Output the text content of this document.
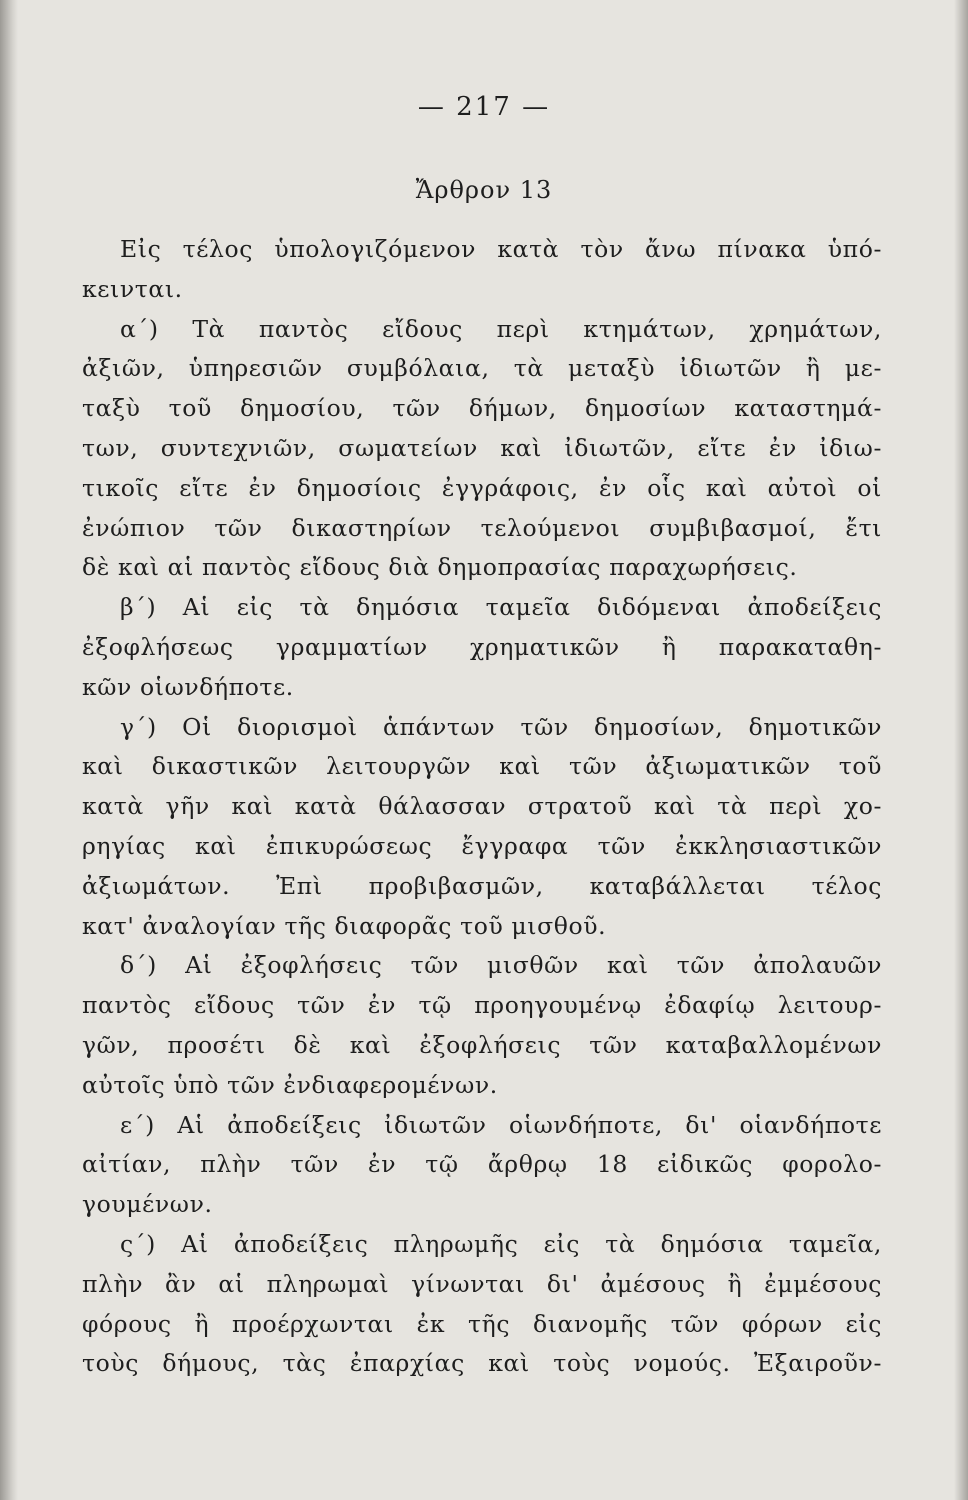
— 217 —
Ἄρθρον 13
Εἰς τέλος ὑπολογιζόμενον κατὰ τὸν ἄνω πίνακα ὑπό-
κεινται.
α΄) Τὰ παντὸς εἴδους περὶ κτημάτων, χρημάτων,
ἀξιῶν, ὑπηρεσιῶν συμβόλαια, τὰ μεταξὺ ἰδιωτῶν ἢ με-
ταξὺ τοῦ δημοσίου, τῶν δήμων, δημοσίων καταστημά-
των, συντεχνιῶν, σωματείων καὶ ἰδιωτῶν, εἴτε ἐν ἰδιω-
τικοῖς εἴτε ἐν δημοσίοις ἐγγράφοις, ἐν οἷς καὶ αὐτοὶ οἱ
ἐνώπιον τῶν δικαστηρίων τελούμενοι συμβιβασμοί, ἔτι
δὲ καὶ αἱ παντὸς εἴδους διὰ δημοπρασίας παραχωρήσεις.
β΄) Αἱ εἰς τὰ δημόσια ταμεῖα διδόμεναι ἀποδείξεις
ἐξοφλήσεως γραμματίων χρηματικῶν ἢ παρακαταθη-
κῶν οἱωνδήποτε.
γ΄) Οἱ διορισμοὶ ἁπάντων τῶν δημοσίων, δημοτικῶν
καὶ δικαστικῶν λειτουργῶν καὶ τῶν ἀξιωματικῶν τοῦ
κατὰ γῆν καὶ κατὰ θάλασσαν στρατοῦ καὶ τὰ περὶ χο-
ρηγίας καὶ ἐπικυρώσεως ἔγγραφα τῶν ἐκκλησιαστικῶν
ἀξιωμάτων. Ἐπὶ προβιβασμῶν, καταβάλλεται τέλος
κατ' ἀναλογίαν τῆς διαφορᾶς τοῦ μισθοῦ.
δ΄) Αἱ ἐξοφλήσεις τῶν μισθῶν καὶ τῶν ἀπολαυῶν
παντὸς εἴδους τῶν ἐν τῷ προηγουμένῳ ἐδαφίῳ λειτουρ-
γῶν, προσέτι δὲ καὶ ἐξοφλήσεις τῶν καταβαλλομένων
αὐτοῖς ὑπὸ τῶν ἐνδιαφερομένων.
ε΄) Αἱ ἀποδείξεις ἰδιωτῶν οἱωνδήποτε, δι' οἱανδήποτε
αἰτίαν, πλὴν τῶν ἐν τῷ ἄρθρῳ 18 εἰδικῶς φορολο-
γουμένων.
ς΄) Αἱ ἀποδείξεις πληρωμῆς εἰς τὰ δημόσια ταμεῖα,
πλὴν ἂν αἱ πληρωμαὶ γίνωνται δι' ἀμέσους ἢ ἐμμέσους
φόρους ἢ προέρχωνται ἐκ τῆς διανομῆς τῶν φόρων εἰς
τοὺς δήμους, τὰς ἐπαρχίας καὶ τοὺς νομούς. Ἐξαιροῦν-
